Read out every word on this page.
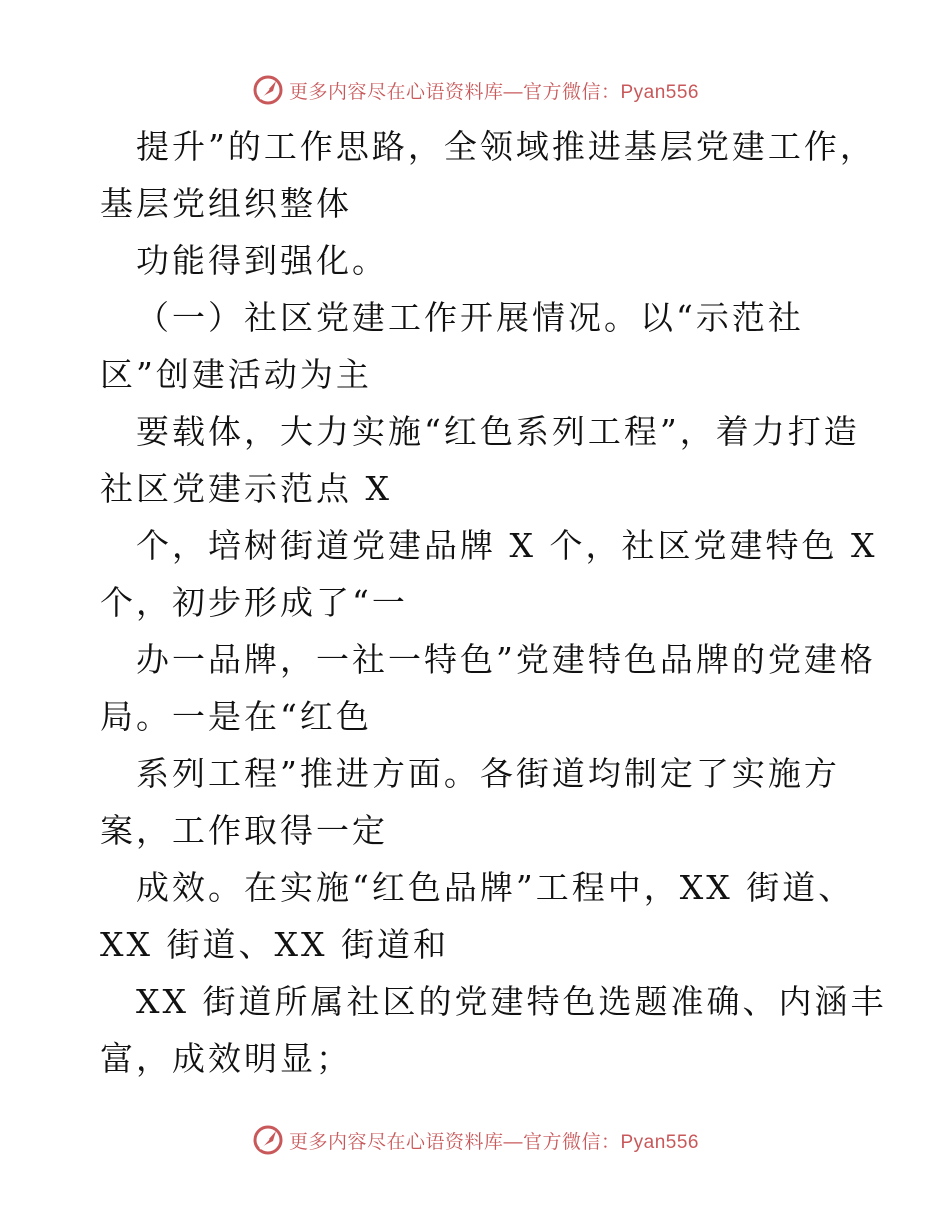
更多内容尽在心语资料库—官方微信：Pyan556
提升”的工作思路，全领域推进基层党建工作，
基层党组织整体
功能得到强化。
（一）社区党建工作开展情况。以“示范社
区”创建活动为主
要载体，大力实施“红色系列工程”，着力打造
社区党建示范点 X
个，培树街道党建品牌 X 个，社区党建特色 X
个，初步形成了“一
办一品牌，一社一特色”党建特色品牌的党建格
局。一是在“红色
系列工程”推进方面。各街道均制定了实施方
案，工作取得一定
成效。在实施“红色品牌”工程中，XX 街道、
XX 街道、XX 街道和
XX 街道所属社区的党建特色选题准确、内涵丰
富，成效明显；
更多内容尽在心语资料库—官方微信：Pyan556
